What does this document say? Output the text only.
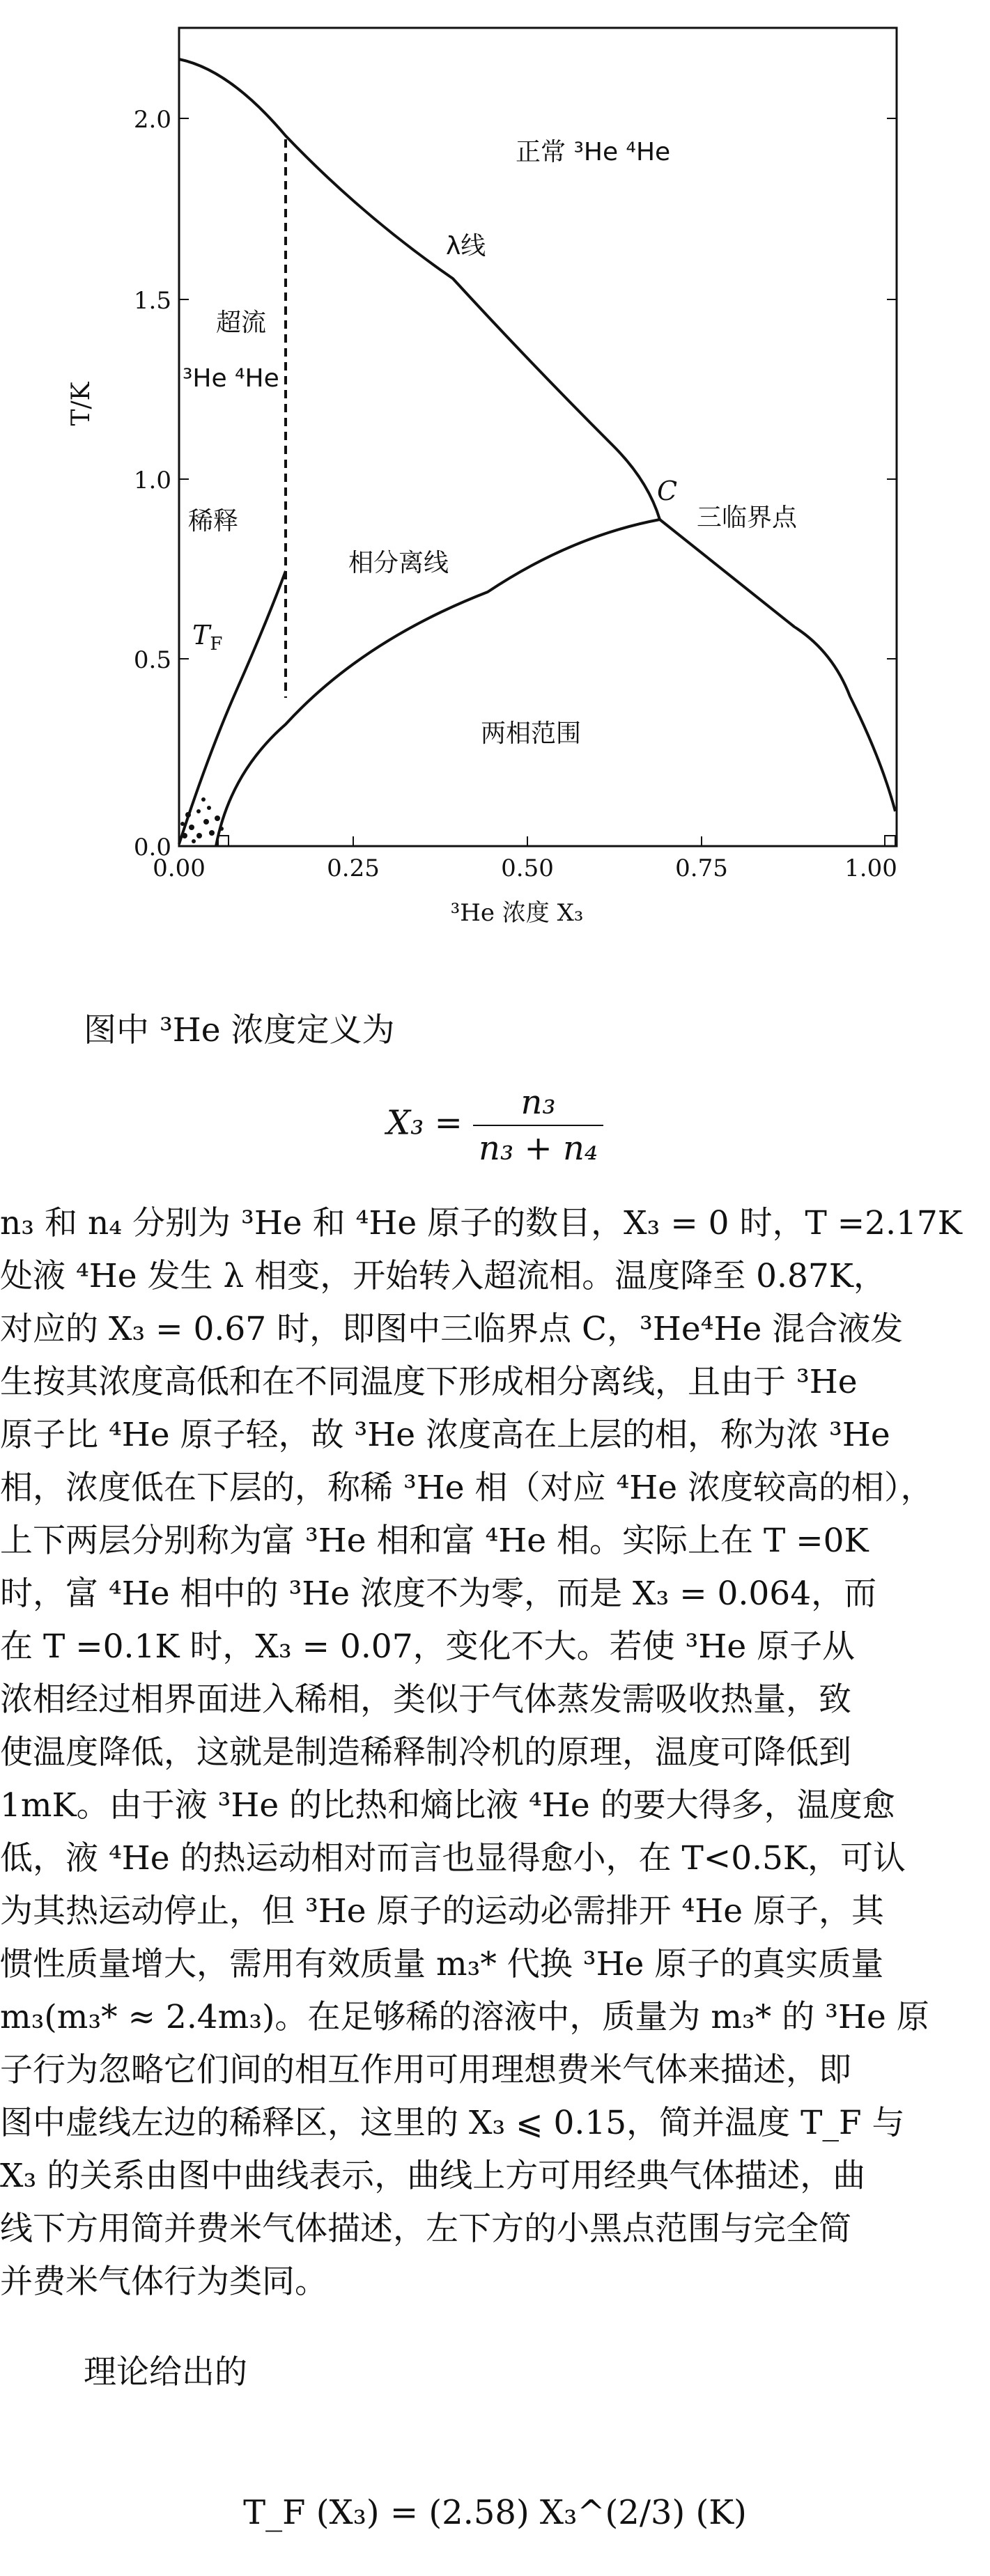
0.0
0.5
1.0
1.5
2.0
0.00	0.25	0.50	0.75	1.00
T/K
³He 浓度 X₃
正常 ³He ⁴He
λ线
超流
³He ⁴He
稀释	三临界点
相分离线
两相范围
C
$T_F$
图中 ³He 浓度定义为
$X_3 = \frac{\text{n₃}}{\text{n₃ + n₄}}$
n₃ 和 n₄ 分别为 ³He 和 ⁴He 原子的数目，X₃ = 0 时，T =2.17K
处液 ⁴He 发生 λ 相变，开始转入超流相。温度降至 0.87K，
对应的 X₃ = 0.67 时，即图中三临界点 C，³He⁴He 混合液发
生按其浓度高低和在不同温度下形成相分离线，且由于 ³He
原子比 ⁴He 原子轻，故 ³He 浓度高在上层的相，称为浓 ³He
相，浓度低在下层的，称稀 ³He 相（对应 ⁴He 浓度较高的相），
上下两层分别称为富 ³He 相和富 ⁴He 相。实际上在 T =0K
时，富 ⁴He 相中的 ³He 浓度不为零，而是 X₃ = 0.064，而
在 T =0.1K 时，X₃ = 0.07，变化不大。若使 ³He 原子从
浓相经过相界面进入稀相，类似于气体蒸发需吸收热量，致
使温度降低，这就是制造稀释制冷机的原理，温度可降低到
1mK。由于液 ³He 的比热和熵比液 ⁴He 的要大得多，温度愈
低，液 ⁴He 的热运动相对而言也显得愈小，在 T<0.5K，可认
为其热运动停止，但 ³He 原子的运动必需排开 ⁴He 原子，其
惯性质量增大，需用有效质量 m₃* 代换 ³He 原子的真实质量
m₃(m₃* ≈ 2.4m₃)。在足够稀的溶液中，质量为 m₃* 的 ³He 原
子行为忽略它们间的相互作用可用理想费米气体来描述，即
图中虚线左边的稀释区，这里的 X₃ ⩽ 0.15，简并温度 T_F 与
X₃ 的关系由图中曲线表示，曲线上方可用经典气体描述，曲
线下方用简并费米气体描述，左下方的小黑点范围与完全简
并费米气体行为类同。
理论给出的
T_F (X₃) = (2.58) X₃^(2/3) (K)
